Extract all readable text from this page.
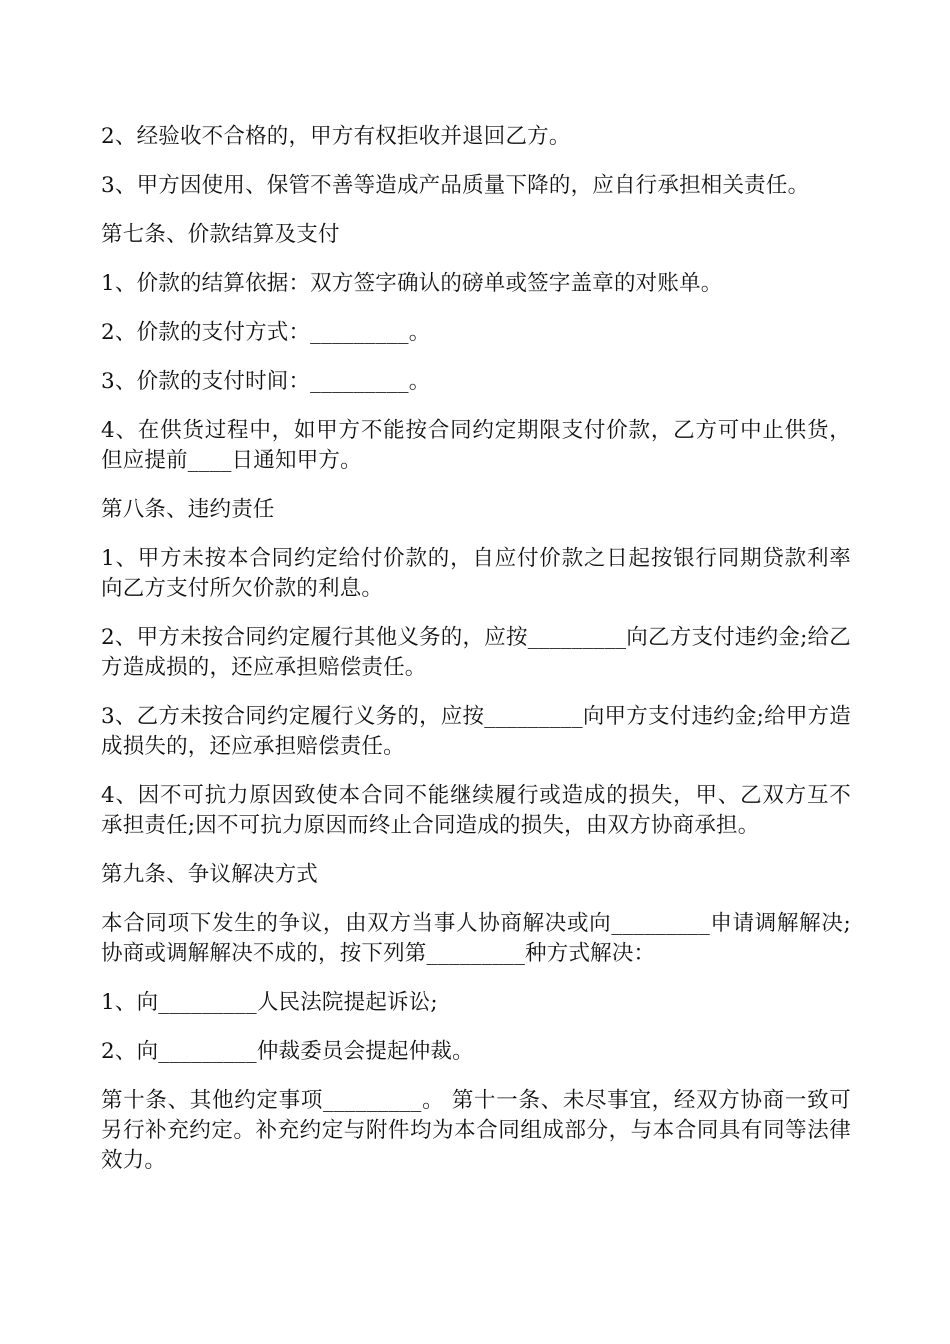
2、经验收不合格的，甲方有权拒收并退回乙方。

3、甲方因使用、保管不善等造成产品质量下降的，应自行承担相关责任。

第七条、价款结算及支付

1、价款的结算依据：双方签字确认的磅单或签字盖章的对账单。

2、价款的支付方式：_________。

3、价款的支付时间：_________。

4、在供货过程中，如甲方不能按合同约定期限支付价款，乙方可中止供货，但应提前____日通知甲方。

第八条、违约责任

1、甲方未按本合同约定给付价款的，自应付价款之日起按银行同期贷款利率向乙方支付所欠价款的利息。

2、甲方未按合同约定履行其他义务的，应按_________向乙方支付违约金;给乙方造成损的，还应承担赔偿责任。

3、乙方未按合同约定履行义务的，应按_________向甲方支付违约金;给甲方造成损失的，还应承担赔偿责任。

4、因不可抗力原因致使本合同不能继续履行或造成的损失，甲、乙双方互不承担责任;因不可抗力原因而终止合同造成的损失，由双方协商承担。

第九条、争议解决方式

本合同项下发生的争议，由双方当事人协商解决或向_________申请调解解决;协商或调解解决不成的，按下列第_________种方式解决：

1、向_________人民法院提起诉讼;

2、向_________仲裁委员会提起仲裁。

第十条、其他约定事项_________。 第十一条、未尽事宜，经双方协商一致可另行补充约定。补充约定与附件均为本合同组成部分，与本合同具有同等法律效力。
